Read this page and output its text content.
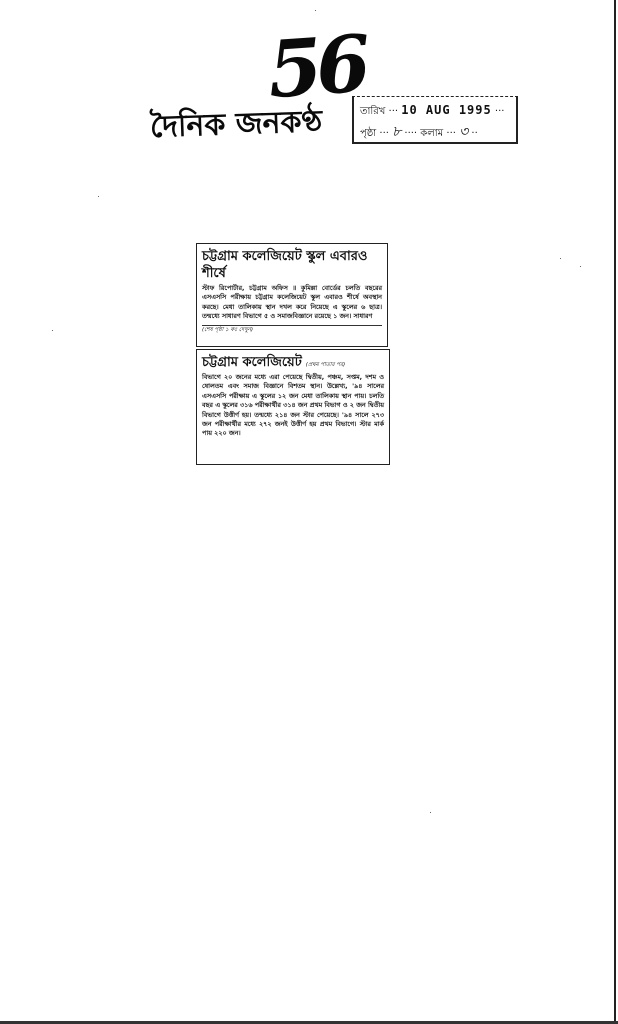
56
দৈনিক জনকণ্ঠ	তারিখ ··· 10 AUG 1995 ···
পৃষ্ঠা ··· ৮ ···· কলাম ··· ৩ ··
চট্টগ্রাম কলেজিয়েট স্কুল এবারও শীর্ষে
স্টাফ রিপোর্টার, চট্টগ্রাম অফিস ॥ কুমিল্লা বোর্ডের চলতি বছরের এসএসসি পরীক্ষায় চট্টগ্রাম কলেজিয়েট স্কুল এবারও শীর্ষে অবস্থান করছে। মেধা তালিকায় স্থান দখল করে নিয়েছে এ স্কুলের ৬ ছাত্র। তন্মধ্যে সাধারণ বিভাগে ৫ ও সমাজবিজ্ঞানে রয়েছে ১ জন। সাধারণ
(শেষ পৃষ্ঠা ১ কঃ দেখুন)
চট্টগ্রাম কলেজিয়েট (প্রথম পাতার পর)
বিভাগে ২০ জনের মধ্যে এরা পেয়েছে দ্বিতীয়, পঞ্চম, সপ্তম, দশম ও ষোলতম এবং সমাজ বিজ্ঞানে বিশতম স্থান। উল্লেখ্য, '৯৪ সালের এসএসসি পরীক্ষায় এ স্কুলের ১২ জন মেধা তালিকায় স্থান পায়। চলতি বছর এ স্কুলের ৩১৬ পরীক্ষার্থীর ৩১৪ জন প্রথম বিভাগ ও ২ জন দ্বিতীয় বিভাগে উত্তীর্ণ হয়। তন্মধ্যে ২১৪ জন স্টার পেয়েছে। '৯৪ সালে ২৭৩ জন পরীক্ষার্থীর মধ্যে ২৭২ জনই উত্তীর্ণ হয় প্রথম বিভাগে। স্টার মার্ক পায় ২২০ জন।
